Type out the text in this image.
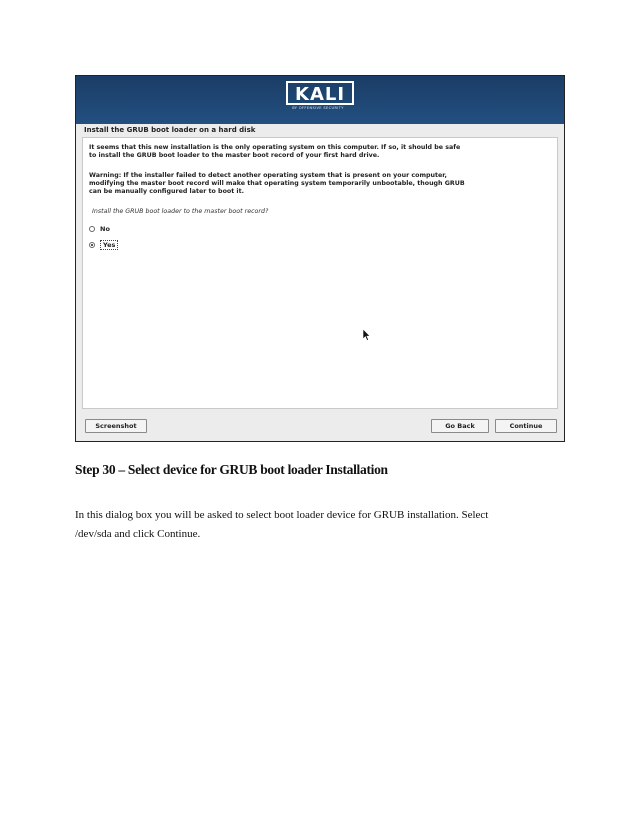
KALI
BY OFFENSIVE SECURITY
Install the GRUB boot loader on a hard disk
It seems that this new installation is the only operating system on this computer. If so, it should be safe
to install the GRUB boot loader to the master boot record of your first hard drive.
Warning: If the installer failed to detect another operating system that is present on your computer,
modifying the master boot record will make that operating system temporarily unbootable, though GRUB
can be manually configured later to boot it.
Install the GRUB boot loader to the master boot record?
No
Yes
Screenshot	Go Back	Continue
Step 30 – Select device for GRUB boot loader Installation
In this dialog box you will be asked to select boot loader device for GRUB installation. Select
/dev/sda and click Continue.
